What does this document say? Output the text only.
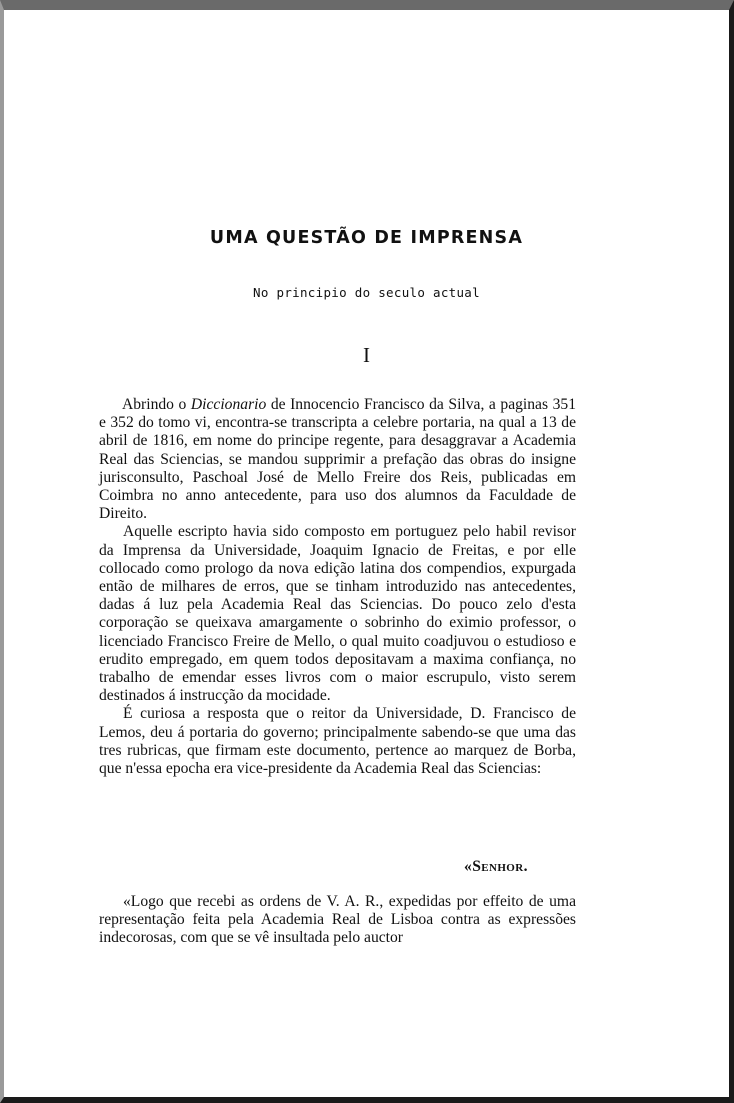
UMA QUESTÃO DE IMPRENSA
No principio do seculo actual
I

Abrindo o Diccionario de Innocencio Francisco da Silva, a paginas 351 e 352 do tomo vi, encontra-se transcripta a celebre portaria, na qual a 13 de abril de 1816, em nome do principe regente, para desaggravar a Academia Real das Sciencias, se mandou supprimir a prefação das obras do insigne jurisconsulto, Paschoal José de Mello Freire dos Reis, publicadas em Coimbra no anno antecedente, para uso dos alumnos da Faculdade de Direito.

Aquelle escripto havia sido composto em portuguez pelo habil revisor da Imprensa da Universidade, Joaquim Ignacio de Freitas, e por elle collocado como prologo da nova edição latina dos compendios, expurgada então de milhares de erros, que se tinham introduzido nas antecedentes, dadas á luz pela Academia Real das Sciencias. Do pouco zelo d'esta corporação se queixava amargamente o sobrinho do eximio professor, o licenciado Francisco Freire de Mello, o qual muito coadjuvou o estudioso e erudito empregado, em quem todos depositavam a maxima confiança, no trabalho de emendar esses livros com o maior escrupulo, visto serem destinados á instrucção da mocidade.

É curiosa a resposta que o reitor da Universidade, D. Francisco de Lemos, deu á portaria do governo; principalmente sabendo-se que uma das tres rubricas, que firmam este documento, pertence ao marquez de Borba, que n'essa epocha era vice-presidente da Academia Real das Sciencias:

«Senhor.

«Logo que recebi as ordens de V. A. R., expedidas por effeito de uma representação feita pela Academia Real de Lisboa contra as expressões indecorosas, com que se vê insultada pelo auctor
